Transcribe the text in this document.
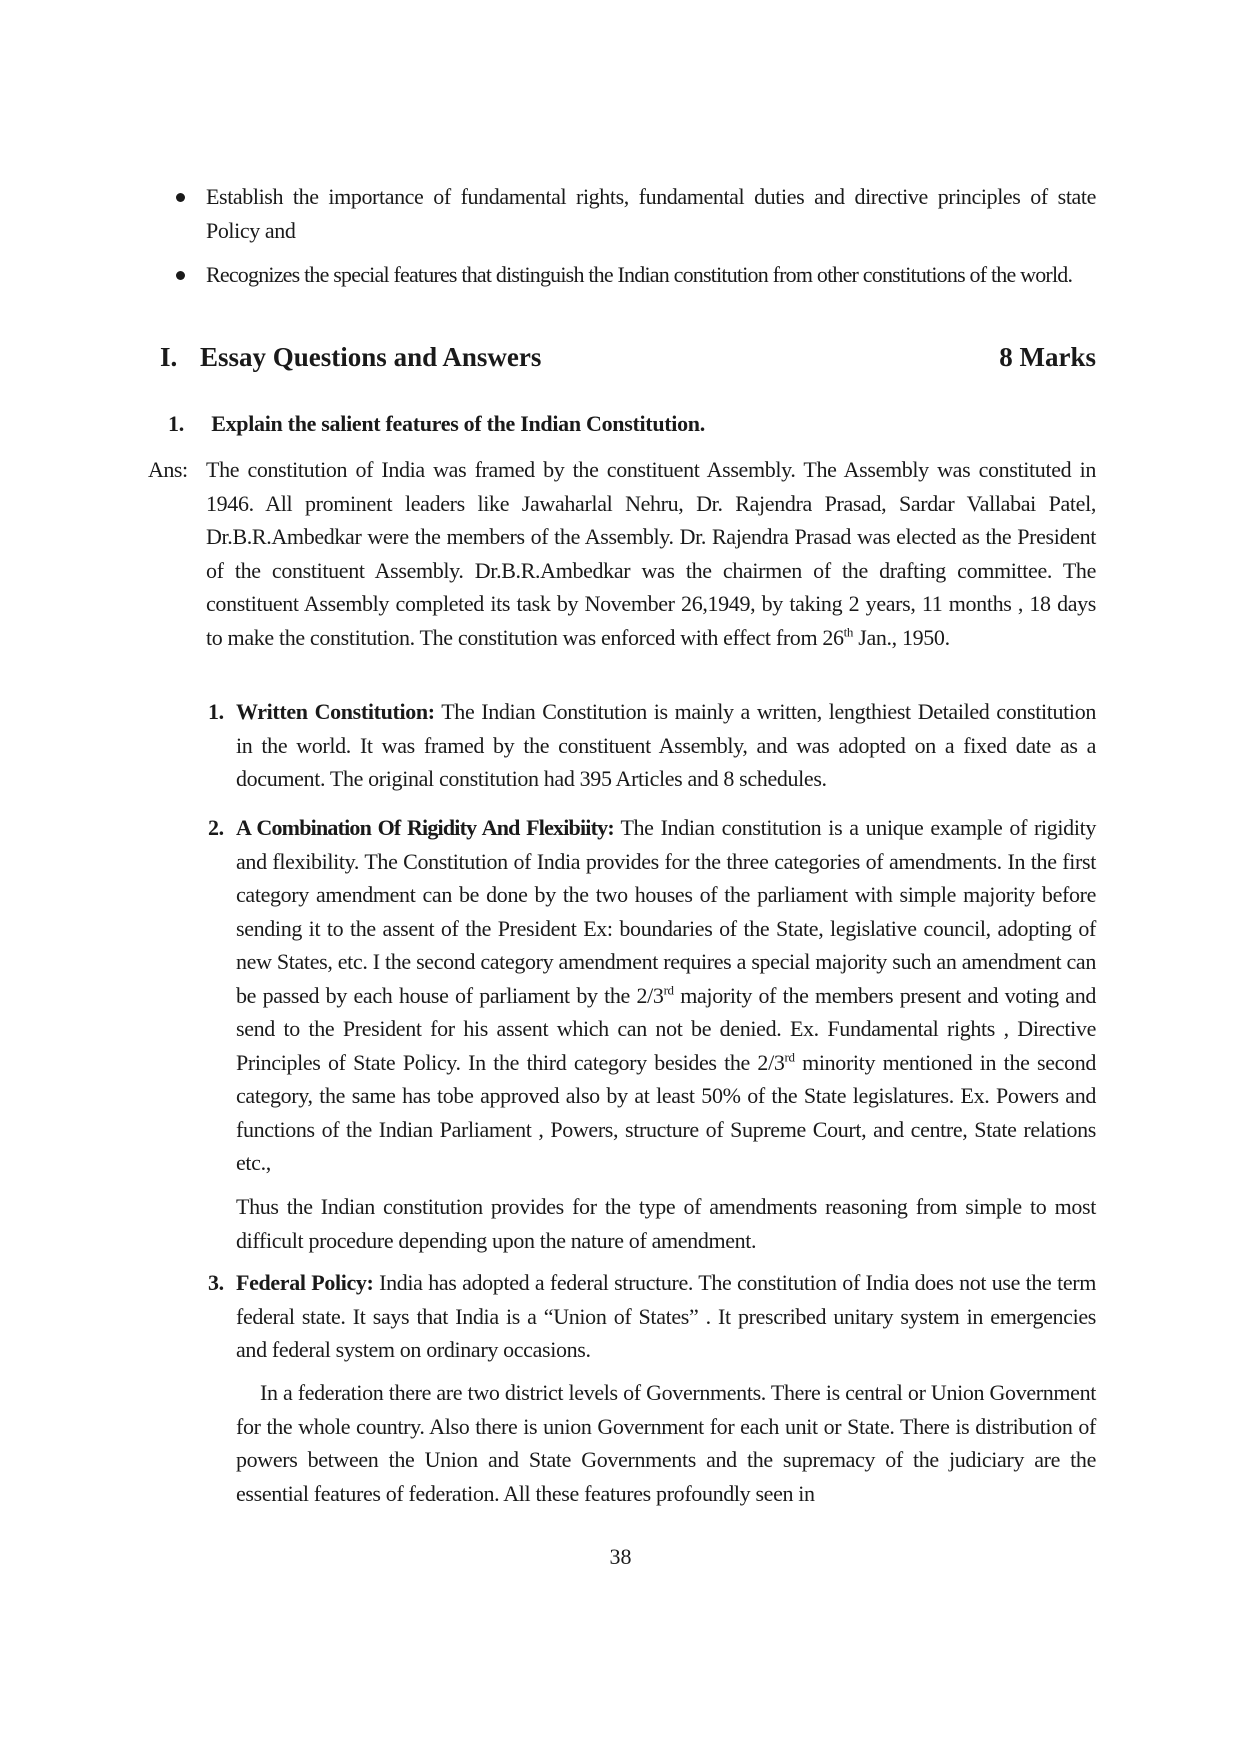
Establish the importance of fundamental rights, fundamental duties and directive principles of state Policy and
Recognizes the special features that distinguish the Indian constitution from other constitutions of the world.
I. Essay Questions and Answers	8 Marks
1. Explain the salient features of the Indian Constitution.
Ans: The constitution of India was framed by the constituent Assembly. The Assembly was constituted in 1946. All prominent leaders like Jawaharlal Nehru, Dr. Rajendra Prasad, Sardar Vallabai Patel, Dr.B.R.Ambedkar were the members of the Assembly. Dr. Rajendra Prasad was elected as the President of the constituent Assembly. Dr.B.R.Ambedkar was the chairmen of the drafting committee. The constituent Assembly completed its task by November 26,1949, by taking 2 years, 11 months , 18 days to make the constitution. The constitution was enforced with effect from 26th Jan., 1950.
1. Written Constitution: The Indian Constitution is mainly a written, lengthiest Detailed constitution in the world. It was framed by the constituent Assembly, and was adopted on a fixed date as a document. The original constitution had 395 Articles and 8 schedules.
2. A Combination Of Rigidity And Flexibiity: The Indian constitution is a unique example of rigidity and flexibility. The Constitution of India provides for the three categories of amendments. In the first category amendment can be done by the two houses of the parliament with simple majority before sending it to the assent of the President Ex: boundaries of the State, legislative council, adopting of new States, etc. I the second category amendment requires a special majority such an amendment can be passed by each house of parliament by the 2/3rd majority of the members present and voting and send to the President for his assent which can not be denied. Ex. Fundamental rights , Directive Principles of State Policy. In the third category besides the 2/3rd minority mentioned in the second category, the same has tobe approved also by at least 50% of the State legislatures. Ex. Powers and functions of the Indian Parliament , Powers, structure of Supreme Court, and centre, State relations etc.,
Thus the Indian constitution provides for the type of amendments reasoning from simple to most difficult procedure depending upon the nature of amendment.
3. Federal Policy: India has adopted a federal structure. The constitution of India does not use the term federal state. It says that India is a “Union of States” . It prescribed unitary system in emergencies and federal system on ordinary occasions.
In a federation there are two district levels of Governments. There is central or Union Government for the whole country. Also there is union Government for each unit or State. There is distribution of powers between the Union and State Governments and the supremacy of the judiciary are the essential features of federation. All these features profoundly seen in
38
